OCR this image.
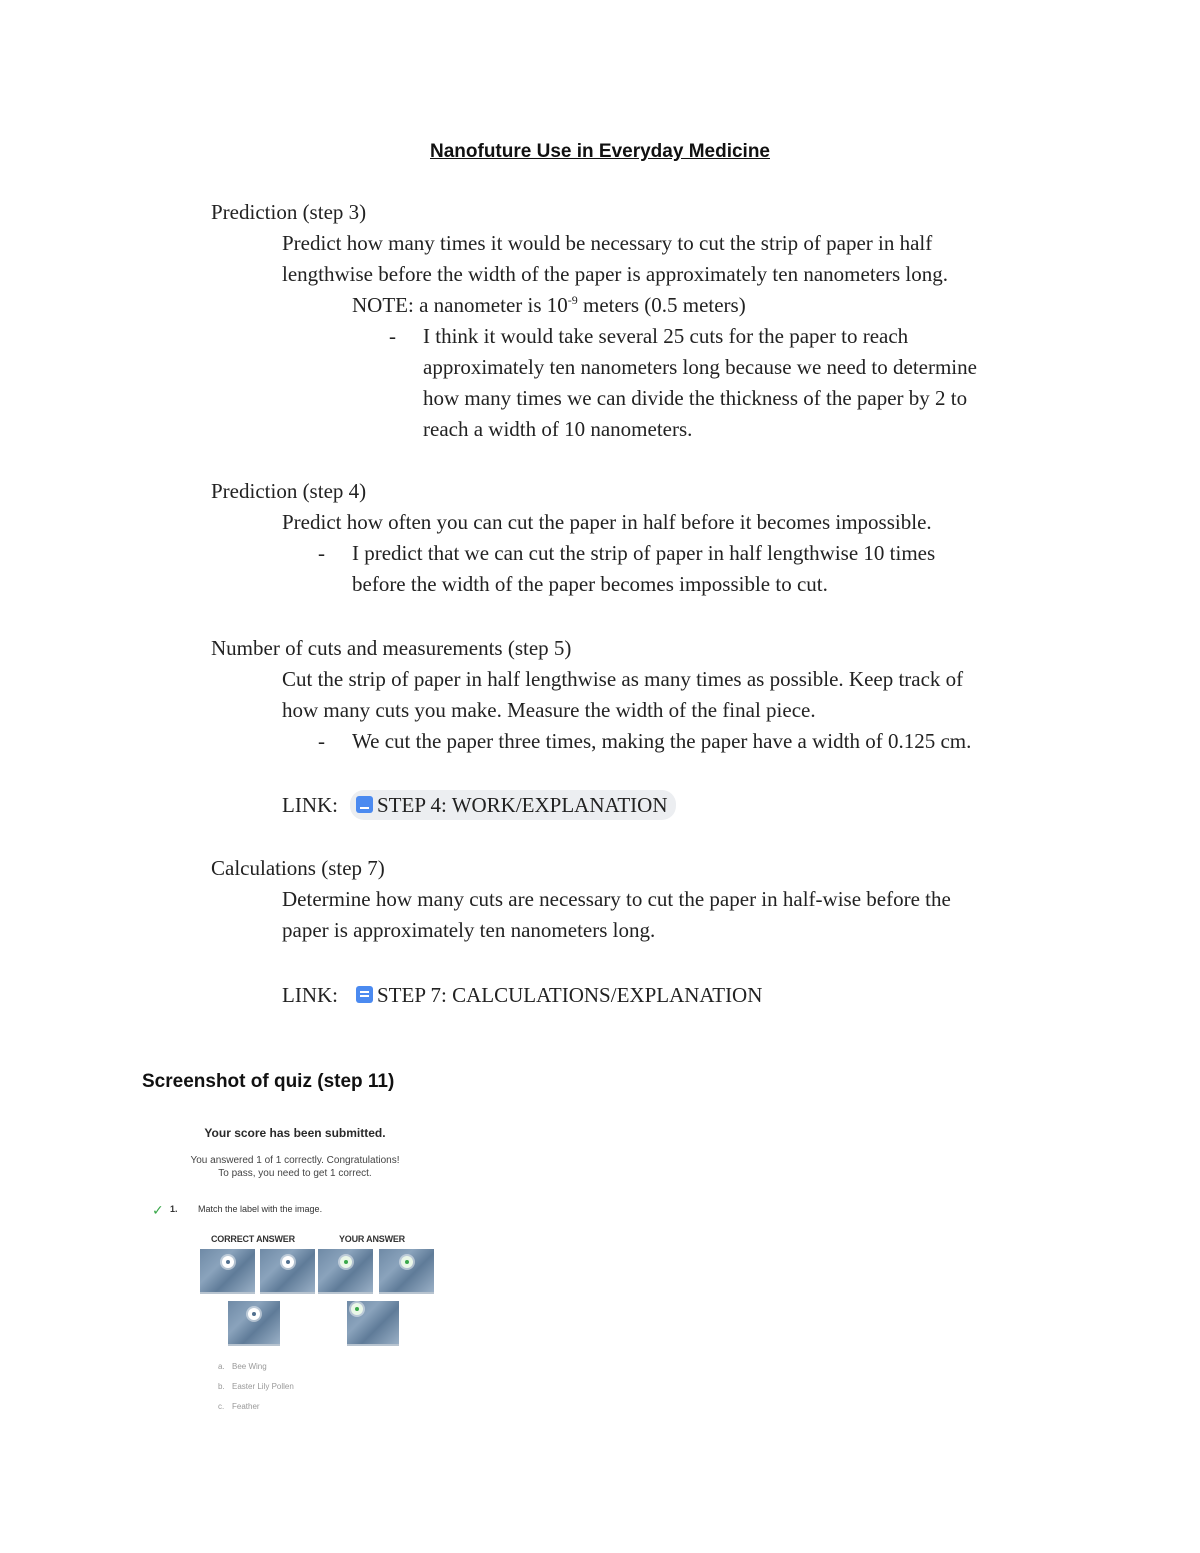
Nanofuture Use in Everyday Medicine
Prediction (step 3)
Predict how many times it would be necessary to cut the strip of paper in half
lengthwise before the width of the paper is approximately ten nanometers long.
NOTE: a nanometer is $10^{-9}$ meters (0.5 meters)
- I think it would take several 25 cuts for the paper to reach
approximately ten nanometers long because we need to determine
how many times we can divide the thickness of the paper by 2 to
reach a width of 10 nanometers.
Prediction (step 4)
Predict how often you can cut the paper in half before it becomes impossible.
- I predict that we can cut the strip of paper in half lengthwise 10 times
before the width of the paper becomes impossible to cut.
Number of cuts and measurements (step 5)
Cut the strip of paper in half lengthwise as many times as possible. Keep track of
how many cuts you make. Measure the width of the final piece.
- We cut the paper three times, making the paper have a width of 0.125 cm.
LINK: STEP 4: WORK/EXPLANATION
Calculations (step 7)
Determine how many cuts are necessary to cut the paper in half-wise before the
paper is approximately ten nanometers long.
LINK: STEP 7: CALCULATIONS/EXPLANATION
Screenshot of quiz (step 11)
Your score has been submitted.
You answered 1 of 1 correctly. Congratulations!
To pass, you need to get 1 correct.
✓ 1. Match the label with the image.
CORRECT ANSWER	YOUR ANSWER
a. Bee Wing
b. Easter Lily Pollen
c. Feather
